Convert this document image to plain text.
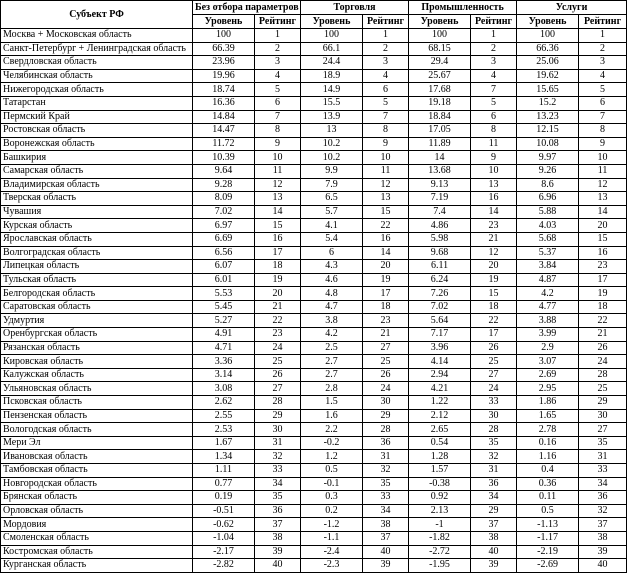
Субъект РФ	Без отбора параметров		Торговля		Промышленность		Услуги	
	Уровень	Рейтинг	Уровень	Рейтинг	Уровень	Рейтинг	Уровень	Рейтинг
Москва + Московская область	100	1	100	1	100	1	100	1
Санкт-Петербург + Ленинградская область	66.39	2	66.1	2	68.15	2	66.36	2
Свердловская область	23.96	3	24.4	3	29.4	3	25.06	3
Челябинская область	19.96	4	18.9	4	25.67	4	19.62	4
Нижегородская область	18.74	5	14.9	6	17.68	7	15.65	5
Татарстан	16.36	6	15.5	5	19.18	5	15.2	6
Пермский Край	14.84	7	13.9	7	18.84	6	13.23	7
Ростовская область	14.47	8	13	8	17.05	8	12.15	8
Воронежская область	11.72	9	10.2	9	11.89	11	10.08	9
Башкирия	10.39	10	10.2	10	14	9	9.97	10
Самарская область	9.64	11	9.9	11	13.68	10	9.26	11
Владимирская область	9.28	12	7.9	12	9.13	13	8.6	12
Тверская область	8.09	13	6.5	13	7.19	16	6.96	13
Чувашия	7.02	14	5.7	15	7.4	14	5.88	14
Курская область	6.97	15	4.1	22	4.86	23	4.03	20
Ярославская область	6.69	16	5.4	16	5.98	21	5.68	15
Волгоградская область	6.56	17	6	14	9.68	12	5.37	16
Липецкая область	6.07	18	4.3	20	6.11	20	3.84	23
Тульская область	6.01	19	4.6	19	6.24	19	4.87	17
Белгородская область	5.53	20	4.8	17	7.26	15	4.2	19
Саратовская область	5.45	21	4.7	18	7.02	18	4.77	18
Удмуртия	5.27	22	3.8	23	5.64	22	3.88	22
Оренбургская область	4.91	23	4.2	21	7.17	17	3.99	21
Рязанская область	4.71	24	2.5	27	3.96	26	2.9	26
Кировская область	3.36	25	2.7	25	4.14	25	3.07	24
Калужская область	3.14	26	2.7	26	2.94	27	2.69	28
Ульяновская область	3.08	27	2.8	24	4.21	24	2.95	25
Псковская область	2.62	28	1.5	30	1.22	33	1.86	29
Пензенская область	2.55	29	1.6	29	2.12	30	1.65	30
Вологодская область	2.53	30	2.2	28	2.65	28	2.78	27
Мери Эл	1.67	31	-0.2	36	0.54	35	0.16	35
Ивановская область	1.34	32	1.2	31	1.28	32	1.16	31
Тамбовская область	1.11	33	0.5	32	1.57	31	0.4	33
Новгородская область	0.77	34	-0.1	35	-0.38	36	0.36	34
Брянская область	0.19	35	0.3	33	0.92	34	0.11	36
Орловская область	-0.51	36	0.2	34	2.13	29	0.5	32
Мордовия	-0.62	37	-1.2	38	-1	37	-1.13	37
Смоленская область	-1.04	38	-1.1	37	-1.82	38	-1.17	38
Костромская область	-2.17	39	-2.4	40	-2.72	40	-2.19	39
Курганская область	-2.82	40	-2.3	39	-1.95	39	-2.69	40
